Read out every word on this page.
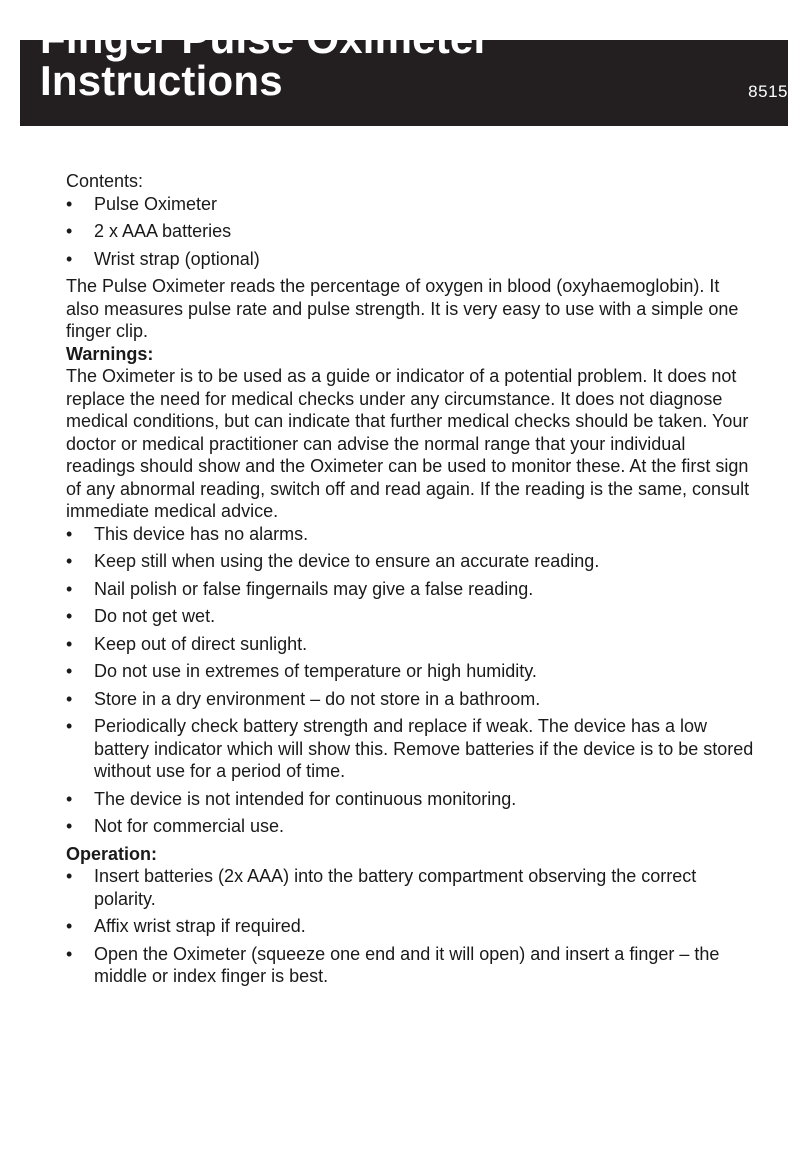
Finger Pulse Oximeter Instructions	8515

Contents:

• Pulse Oximeter
• 2 x AAA batteries
• Wrist strap (optional)

The Pulse Oximeter reads the percentage of oxygen in blood (oxyhaemoglobin). It also measures pulse rate and pulse strength. It is very easy to use with a simple one finger clip.

Warnings:

The Oximeter is to be used as a guide or indicator of a potential problem. It does not replace the need for medical checks under any circumstance. It does not diagnose medical conditions, but can indicate that further medical checks should be taken. Your doctor or medical practitioner can advise the normal range that your individual readings should show and the Oximeter can be used to monitor these. At the first sign of any abnormal reading, switch off and read again. If the reading is the same, consult immediate medical advice.

• This device has no alarms.
• Keep still when using the device to ensure an accurate reading.
• Nail polish or false fingernails may give a false reading.
• Do not get wet.
• Keep out of direct sunlight.
• Do not use in extremes of temperature or high humidity.
• Store in a dry environment – do not store in a bathroom.
• Periodically check battery strength and replace if weak. The device has a low battery indicator which will show this. Remove batteries if the device is to be stored without use for a period of time.
• The device is not intended for continuous monitoring.
• Not for commercial use.

Operation:

• Insert batteries (2x AAA) into the battery compartment observing the correct polarity.
• Affix wrist strap if required.
• Open the Oximeter (squeeze one end and it will open) and insert a finger – the middle or index finger is best.
